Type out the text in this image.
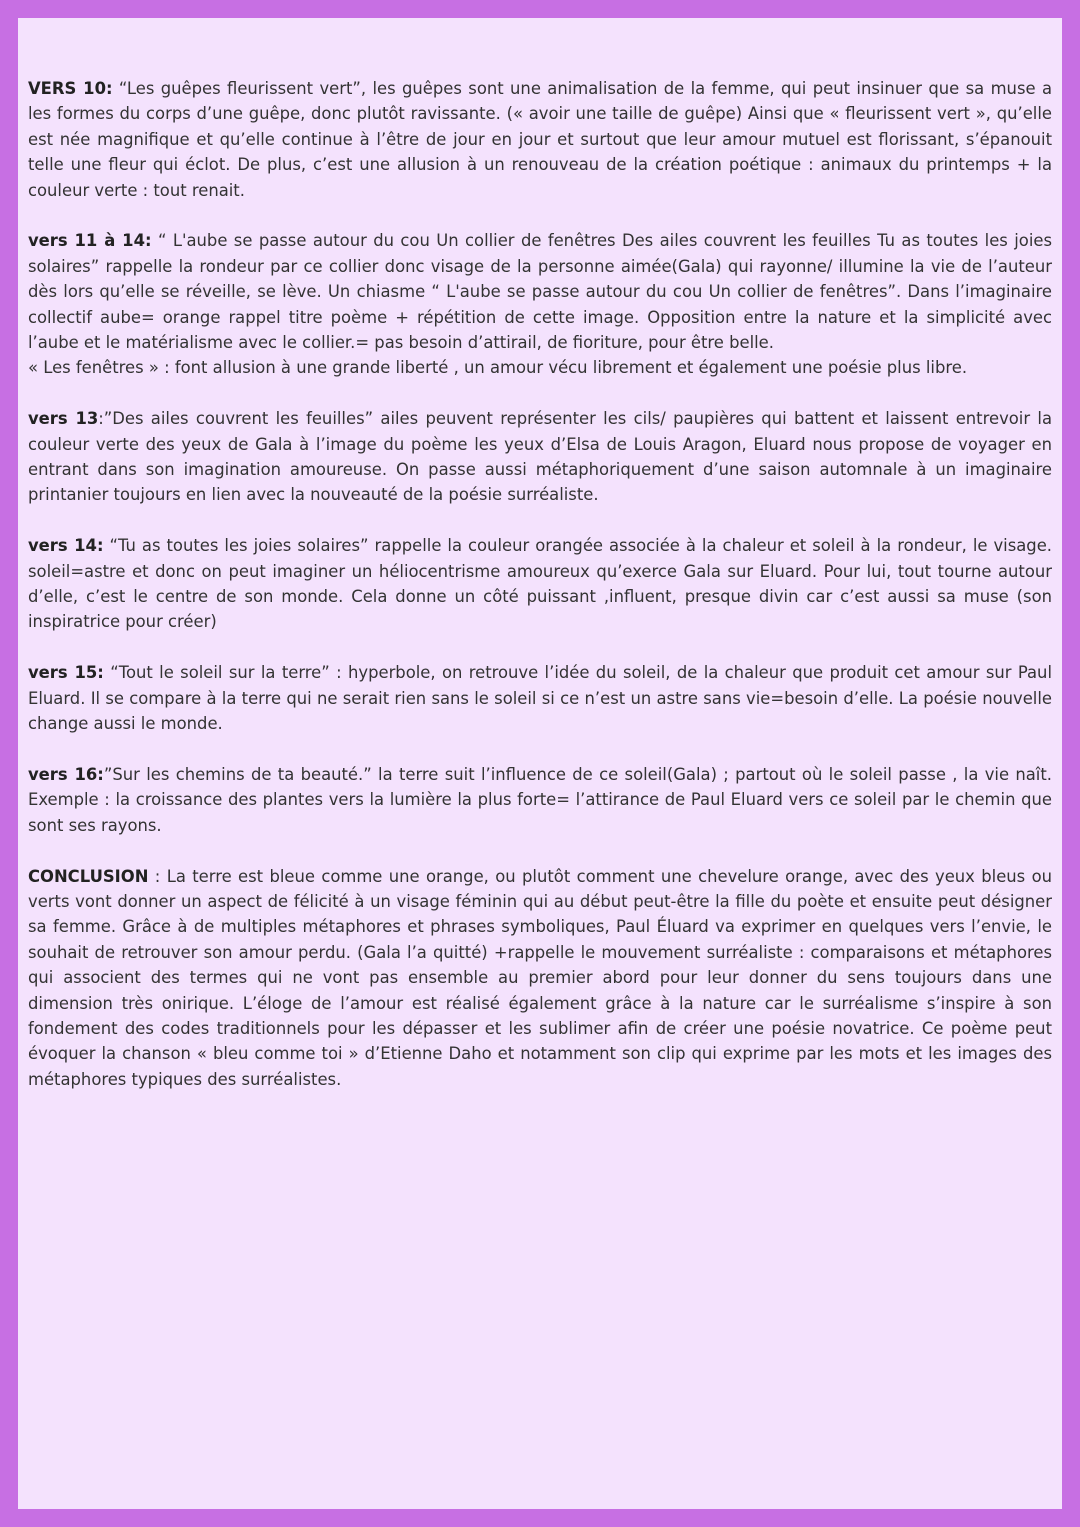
VERS 10: “Les guêpes fleurissent vert”, les guêpes sont une animalisation de la femme, qui peut insinuer que sa muse a les formes du corps d’une guêpe, donc plutôt ravissante. (« avoir une taille de guêpe) Ainsi que « fleurissent vert », qu’elle est née magnifique et qu’elle continue à l’être de jour en jour et surtout que leur amour mutuel est florissant, s’épanouit telle une fleur qui éclot. De plus, c’est une allusion à un renouveau de la création poétique : animaux du printemps + la couleur verte : tout renait.

vers 11 à 14: “ L'aube se passe autour du cou Un collier de fenêtres Des ailes couvrent les feuilles Tu as toutes les joies solaires” rappelle la rondeur par ce collier donc visage de la personne aimée(Gala) qui rayonne/ illumine la vie de l’auteur dès lors qu’elle se réveille, se lève. Un chiasme “ L'aube se passe autour du cou Un collier de fenêtres”. Dans l’imaginaire collectif aube= orange rappel titre poème + répétition de cette image. Opposition entre la nature et la simplicité avec l’aube et le matérialisme avec le collier.= pas besoin d’attirail, de fioriture, pour être belle.
« Les fenêtres » : font allusion à une grande liberté , un amour vécu librement et également une poésie plus libre.

vers 13:”Des ailes couvrent les feuilles” ailes peuvent représenter les cils/ paupières qui battent et laissent entrevoir la couleur verte des yeux de Gala à l’image du poème les yeux d’Elsa de Louis Aragon, Eluard nous propose de voyager en entrant dans son imagination amoureuse. On passe aussi métaphoriquement d’une saison automnale à un imaginaire printanier toujours en lien avec la nouveauté de la poésie surréaliste.

vers 14: “Tu as toutes les joies solaires” rappelle la couleur orangée associée à la chaleur et soleil à la rondeur, le visage. soleil=astre et donc on peut imaginer un héliocentrisme amoureux qu’exerce Gala sur Eluard. Pour lui, tout tourne autour d’elle, c’est le centre de son monde. Cela donne un côté puissant ,influent, presque divin car c’est aussi sa muse (son inspiratrice pour créer)

vers 15: “Tout le soleil sur la terre” : hyperbole, on retrouve l’idée du soleil, de la chaleur que produit cet amour sur Paul Eluard. Il se compare à la terre qui ne serait rien sans le soleil si ce n’est un astre sans vie=besoin d’elle. La poésie nouvelle change aussi le monde.

vers 16:”Sur les chemins de ta beauté.” la terre suit l’influence de ce soleil(Gala) ; partout où le soleil passe , la vie naît. Exemple : la croissance des plantes vers la lumière la plus forte= l’attirance de Paul Eluard vers ce soleil par le chemin que sont ses rayons.

CONCLUSION : La terre est bleue comme une orange, ou plutôt comment une chevelure orange, avec des yeux bleus ou verts vont donner un aspect de félicité à un visage féminin qui au début peut-être la fille du poète et ensuite peut désigner sa femme. Grâce à de multiples métaphores et phrases symboliques, Paul Éluard va exprimer en quelques vers l’envie, le souhait de retrouver son amour perdu. (Gala l’a quitté) +rappelle le mouvement surréaliste : comparaisons et métaphores qui associent des termes qui ne vont pas ensemble au premier abord pour leur donner du sens toujours dans une dimension très onirique. L’éloge de l’amour est réalisé également grâce à la nature car le surréalisme s’inspire à son fondement des codes traditionnels pour les dépasser et les sublimer afin de créer une poésie novatrice. Ce poème peut évoquer la chanson « bleu comme toi » d’Etienne Daho et notamment son clip qui exprime par les mots et les images des métaphores typiques des surréalistes.
